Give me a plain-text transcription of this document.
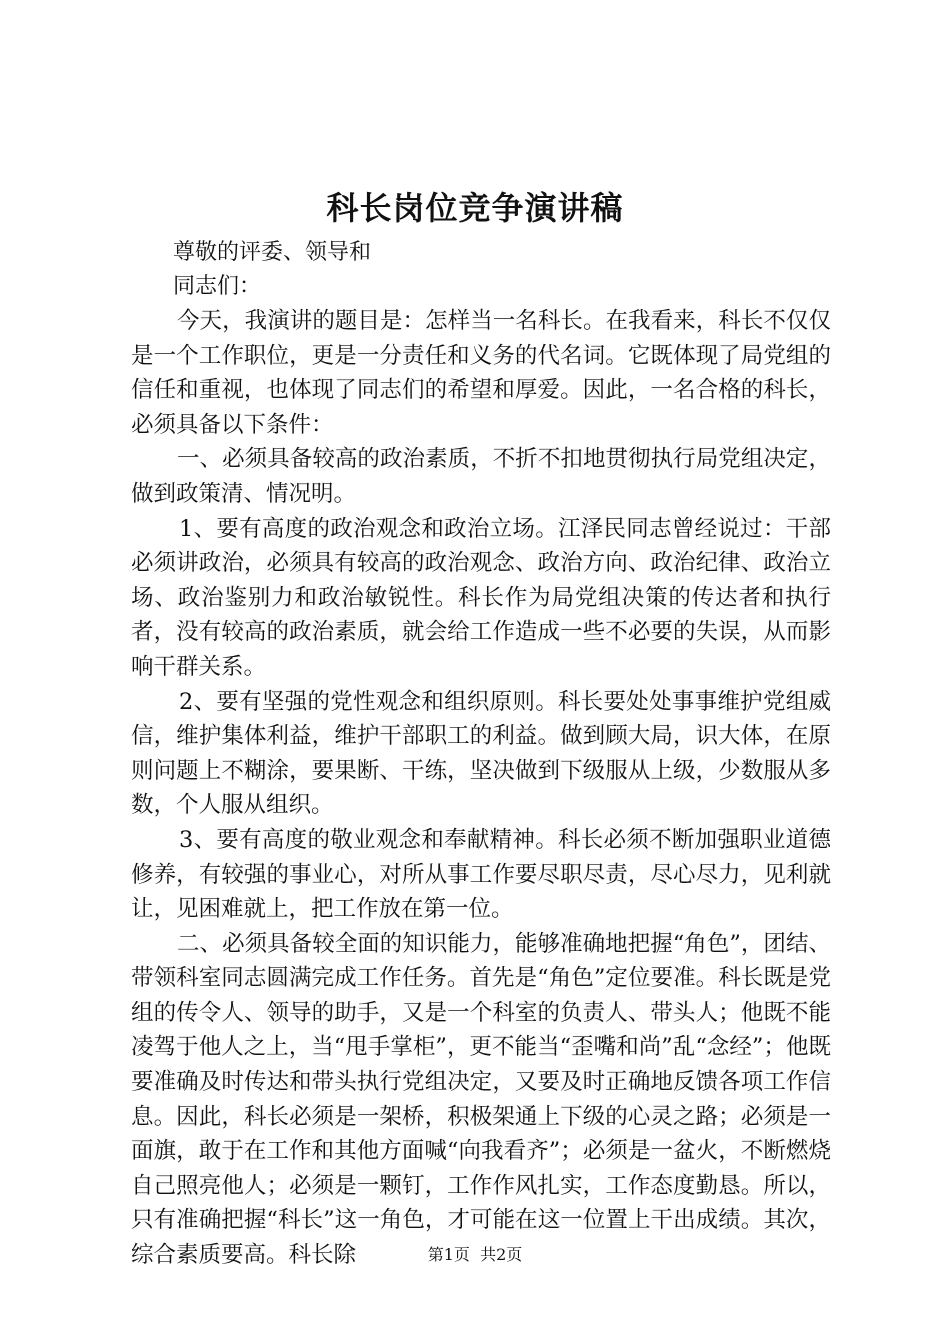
科长岗位竞争演讲稿

尊敬的评委、领导和

同志们：

今天，我演讲的题目是：怎样当一名科长。在我看来，科长不仅仅是一个工作职位，更是一分责任和义务的代名词。它既体现了局党组的信任和重视，也体现了同志们的希望和厚爱。因此，一名合格的科长，必须具备以下条件：

一、必须具备较高的政治素质，不折不扣地贯彻执行局党组决定，做到政策清、情况明。

1、要有高度的政治观念和政治立场。江泽民同志曾经说过：干部必须讲政治，必须具有较高的政治观念、政治方向、政治纪律、政治立场、政治鉴别力和政治敏锐性。科长作为局党组决策的传达者和执行者，没有较高的政治素质，就会给工作造成一些不必要的失误，从而影响干群关系。

2、要有坚强的党性观念和组织原则。科长要处处事事维护党组威信，维护集体利益，维护干部职工的利益。做到顾大局，识大体，在原则问题上不糊涂，要果断、干练，坚决做到下级服从上级，少数服从多数，个人服从组织。

3、要有高度的敬业观念和奉献精神。科长必须不断加强职业道德修养，有较强的事业心，对所从事工作要尽职尽责，尽心尽力，见利就让，见困难就上，把工作放在第一位。

二、必须具备较全面的知识能力，能够准确地把握“角色”，团结、带领科室同志圆满完成工作任务。首先是“角色”定位要准。科长既是党组的传令人、领导的助手，又是一个科室的负责人、带头人；他既不能凌驾于他人之上，当“甩手掌柜”，更不能当“歪嘴和尚”乱“念经”；他既要准确及时传达和带头执行党组决定，又要及时正确地反馈各项工作信息。因此，科长必须是一架桥，积极架通上下级的心灵之路；必须是一面旗，敢于在工作和其他方面喊“向我看齐”；必须是一盆火，不断燃烧自己照亮他人；必须是一颗钉，工作作风扎实，工作态度勤恳。所以，只有准确把握“科长”这一角色，才可能在这一位置上干出成绩。其次，综合素质要高。科长除	第1页  共2页
